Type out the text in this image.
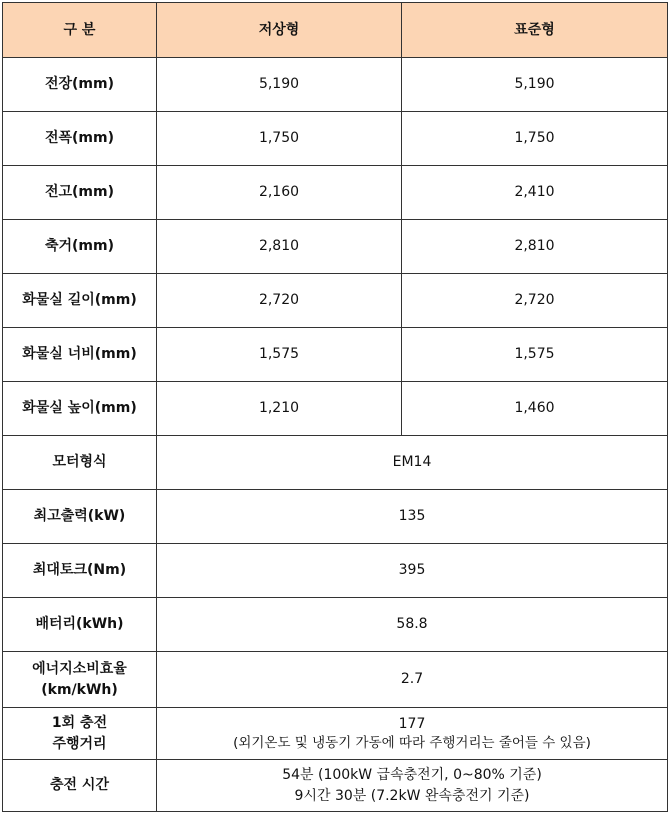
구 분	저상형	표준형
전장(mm)	5,190	5,190
전폭(mm)	1,750	1,750
전고(mm)	2,160	2,410
축거(mm)	2,810	2,810
화물실 길이(mm)	2,720	2,720
화물실 너비(mm)	1,575	1,575
화물실 높이(mm)	1,210	1,460
모터형식	EM14	
최고출력(kW)	135	
최대토크(Nm)	395	
배터리(kWh)	58.8	

에너지소비효율
(km/kWh)	2.7	

1회 충전
주행거리	177
(외기온도 및 냉동기 가동에 따라 주행거리는 줄어들 수 있음)	

충전 시간	54분 (100kW 급속충전기, 0~80% 기준)
9시간 30분 (7.2kW 완속충전기 기준)	
